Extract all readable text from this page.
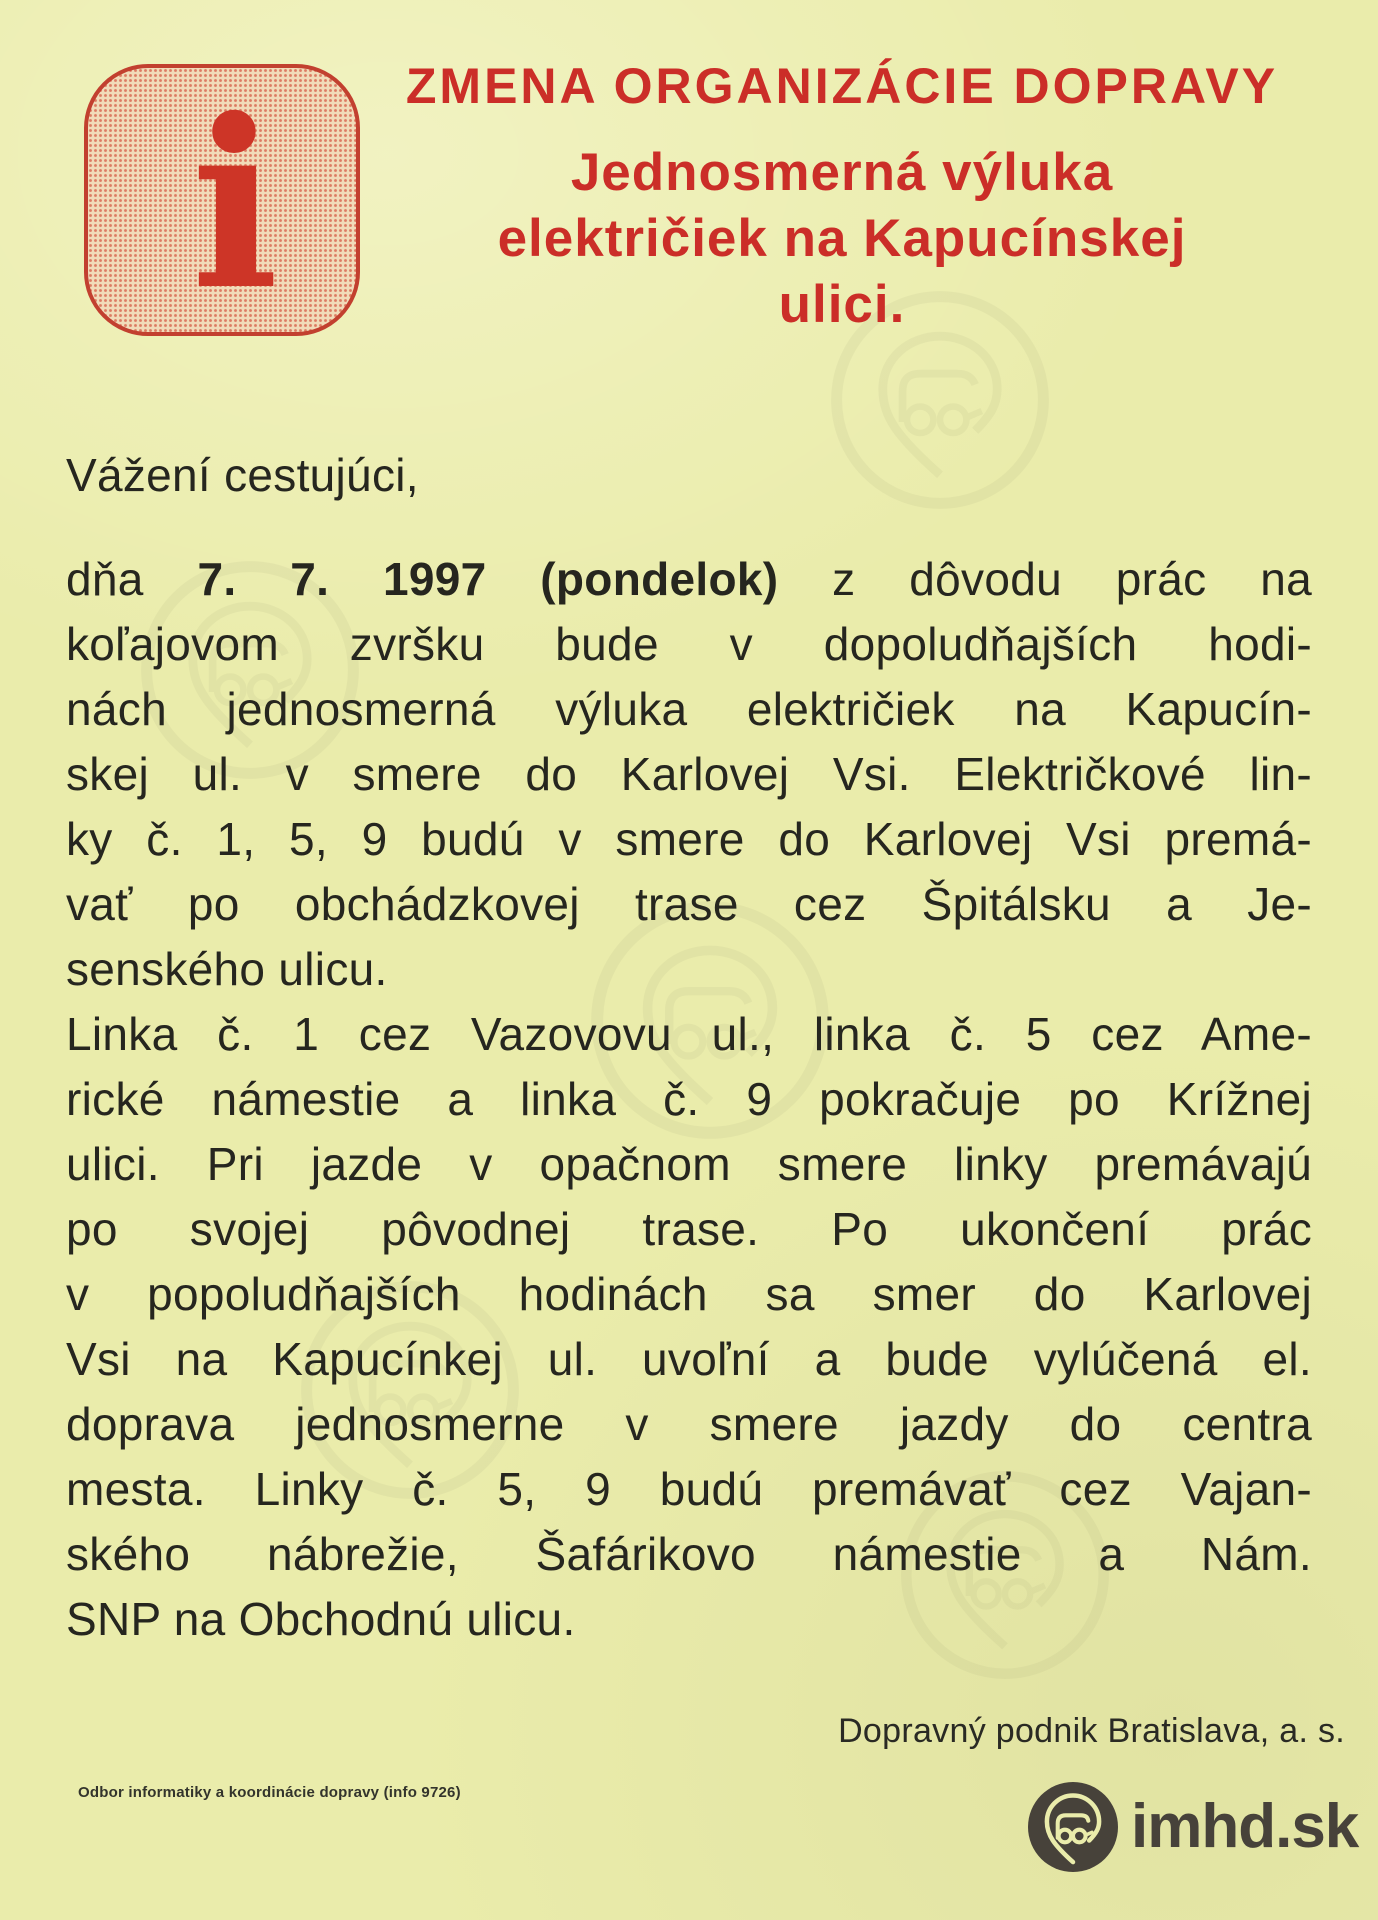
i	ZMENA ORGANIZÁCIE DOPRAVY
Jednosmerná výluka
električiek na Kapucínskej
ulici.
Vážení cestujúci,
dňa 7. 7. 1997 (pondelok) z dôvodu prác na
koľajovom zvršku bude v dopoludňajších hodi-
nách jednosmerná výluka električiek na Kapucín-
skej ul. v smere do Karlovej Vsi. Električkové lin-
ky č. 1, 5, 9 budú v smere do Karlovej Vsi premá-
vať po obchádzkovej trase cez Špitálsku a Je-
senského ulicu.
Linka č. 1 cez Vazovovu ul., linka č. 5 cez Ame-
rické námestie a linka č. 9 pokračuje po Krížnej
ulici. Pri jazde v opačnom smere linky premávajú
po svojej pôvodnej trase. Po ukončení prác
v popoludňajších hodinách sa smer do Karlovej
Vsi na Kapucínkej ul. uvoľní a bude vylúčená el.
doprava jednosmerne v smere jazdy do centra
mesta. Linky č. 5, 9 budú premávať cez Vajan-
ského nábrežie, Šafárikovo námestie a Nám.
SNP na Obchodnú ulicu.
Dopravný podnik Bratislava, a. s.
Odbor informatiky a koordinácie dopravy (info 9726)	imhd.sk
